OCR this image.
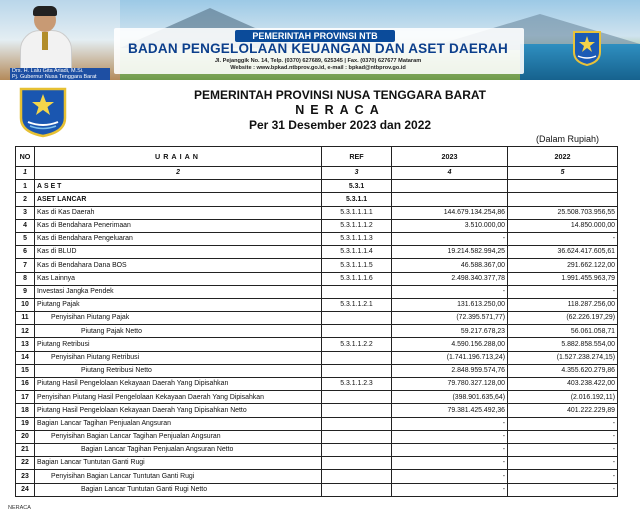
Drs. H. Lalu Gita Ariadi, M.Si.
Pj. Gubernur Nusa Tenggara Barat
PEMERINTAH PROVINSI NTB
BADAN PENGELOLAAN KEUANGAN DAN ASET DAERAH
Jl. Pejanggik No. 14, Telp. (0370) 627689, 625345 | Fax. (0370) 627677 Mataram
Website : www.bpkad.ntbprov.go.id, e-mail : bpkad@ntbprov.go.id
PEMERINTAH PROVINSI NUSA TENGGARA BARAT
NERACA
Per 31 Desember 2023 dan 2022
(Dalam Rupiah)
NO	URAIAN	REF	2023	2022
1	2	3	4	5
1	ASET	5.3.1		
2	ASET LANCAR	5.3.1.1		
3	Kas di Kas Daerah	5.3.1.1.1.1	144.679.134.254,86	25.508.703.956,55
4	Kas di Bendahara Penerimaan	5.3.1.1.1.2	3.510.000,00	14.850.000,00
5	Kas di Bendahara Pengeluaran	5.3.1.1.1.3	-	-
6	Kas di BLUD	5.3.1.1.1.4	19.214.582.994,25	36.624.417.605,61
7	Kas di Bendahara Dana BOS	5.3.1.1.1.5	46.588.367,00	291.662.122,00
8	Kas Lainnya	5.3.1.1.1.6	2.498.340.377,78	1.991.455.963,79
9	Investasi Jangka Pendek		-	-
10	Piutang Pajak	5.3.1.1.2.1	131.613.250,00	118.287.256,00
11	Penyisihan Piutang Pajak		(72.395.571,77)	(62.226.197,29)
12	Piutang Pajak Netto		59.217.678,23	56.061.058,71
13	Piutang Retribusi	5.3.1.1.2.2	4.590.156.288,00	5.882.858.554,00
14	Penyisihan Piutang Retribusi		(1.741.196.713,24)	(1.527.238.274,15)
15	Piutang Retribusi Netto		2.848.959.574,76	4.355.620.279,86
16	Piutang Hasil Pengelolaan Kekayaan Daerah Yang Dipisahkan	5.3.1.1.2.3	79.780.327.128,00	403.238.422,00
17	Penyisihan Piutang Hasil Pengelolaan Kekayaan Daerah Yang Dipisahkan		(398.901.635,64)	(2.016.192,11)
18	Piutang Hasil Pengelolaan Kekayaan Daerah Yang Dipisahkan Netto		79.381.425.492,36	401.222.229,89
19	Bagian Lancar Tagihan Penjualan Angsuran		-	-
20	Penyisihan Bagian Lancar Tagihan Penjualan Angsuran		-	-
21	Bagian Lancar Tagihan Penjualan Angsuran Netto		-	-
22	Bagian Lancar Tuntutan Ganti Rugi		-	-
23	Penyisihan Bagian Lancar Tuntutan Ganti Rugi		-	-
24	Bagian Lancar Tuntutan Ganti Rugi Netto		-	-
NERACA
